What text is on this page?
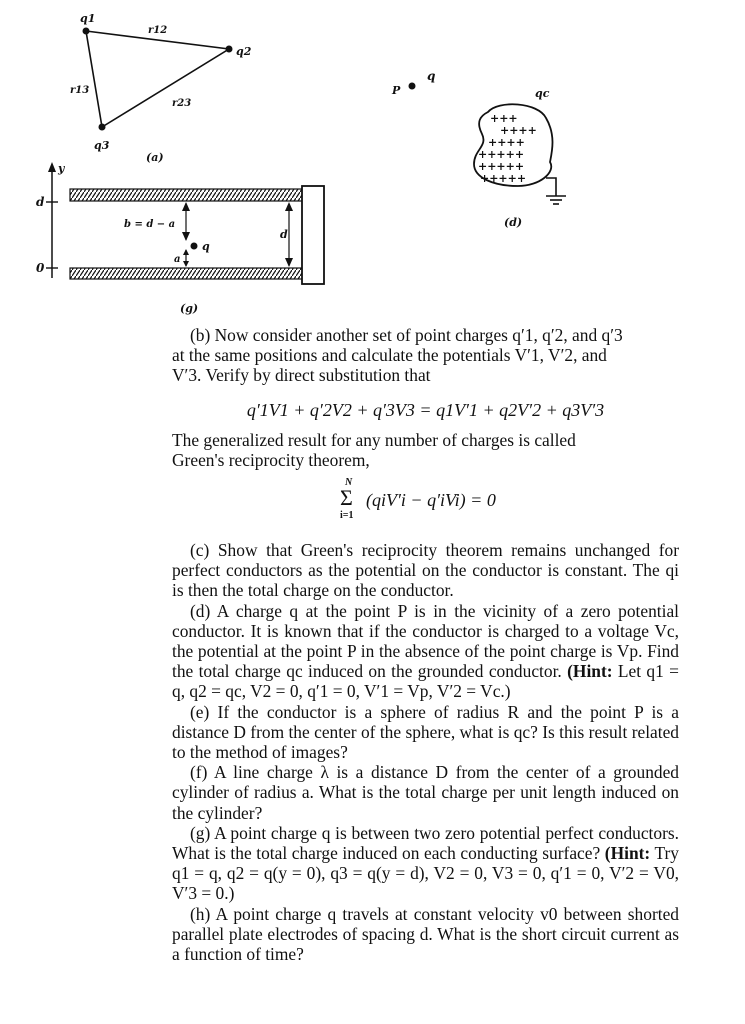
q1
q2
q3
r12
r13
r23
(a)
P
q
qc
+++
++++
++++
+++++
+++++
+++++
(d)
y
d
0
b = d − a
q
a
d
(g)

(b) Now consider another set of point charges q′1, q′2, and q′3

at the same positions and calculate the potentials V′1, V′2, and

V′3. Verify by direct substitution that

q′1V1 + q′2V2 + q′3V3 = q1V′1 + q2V′2 + q3V′3

The generalized result for any number of charges is called

Green's reciprocity theorem,

N
Σ
i=1
(qiV′i − q′iVi) = 0

(c) Show that Green's reciprocity theorem remains unchanged for perfect conductors as the potential on the conductor is constant. The qi is then the total charge on the conductor.

(d) A charge q at the point P is in the vicinity of a zero potential conductor. It is known that if the conductor is charged to a voltage Vc, the potential at the point P in the absence of the point charge is Vp. Find the total charge qc induced on the grounded conductor. (Hint: Let q1 = q, q2 = qc, V2 = 0, q′1 = 0, V′1 = Vp, V′2 = Vc.)

(e) If the conductor is a sphere of radius R and the point P is a distance D from the center of the sphere, what is qc? Is this result related to the method of images?

(f) A line charge λ is a distance D from the center of a grounded cylinder of radius a. What is the total charge per unit length induced on the cylinder?

(g) A point charge q is between two zero potential perfect conductors. What is the total charge induced on each conducting surface? (Hint: Try q1 = q, q2 = q(y = 0), q3 = q(y = d), V2 = 0, V3 = 0, q′1 = 0, V′2 = V0, V′3 = 0.)

(h) A point charge q travels at constant velocity v0 between shorted parallel plate electrodes of spacing d. What is the short circuit current as a function of time?
